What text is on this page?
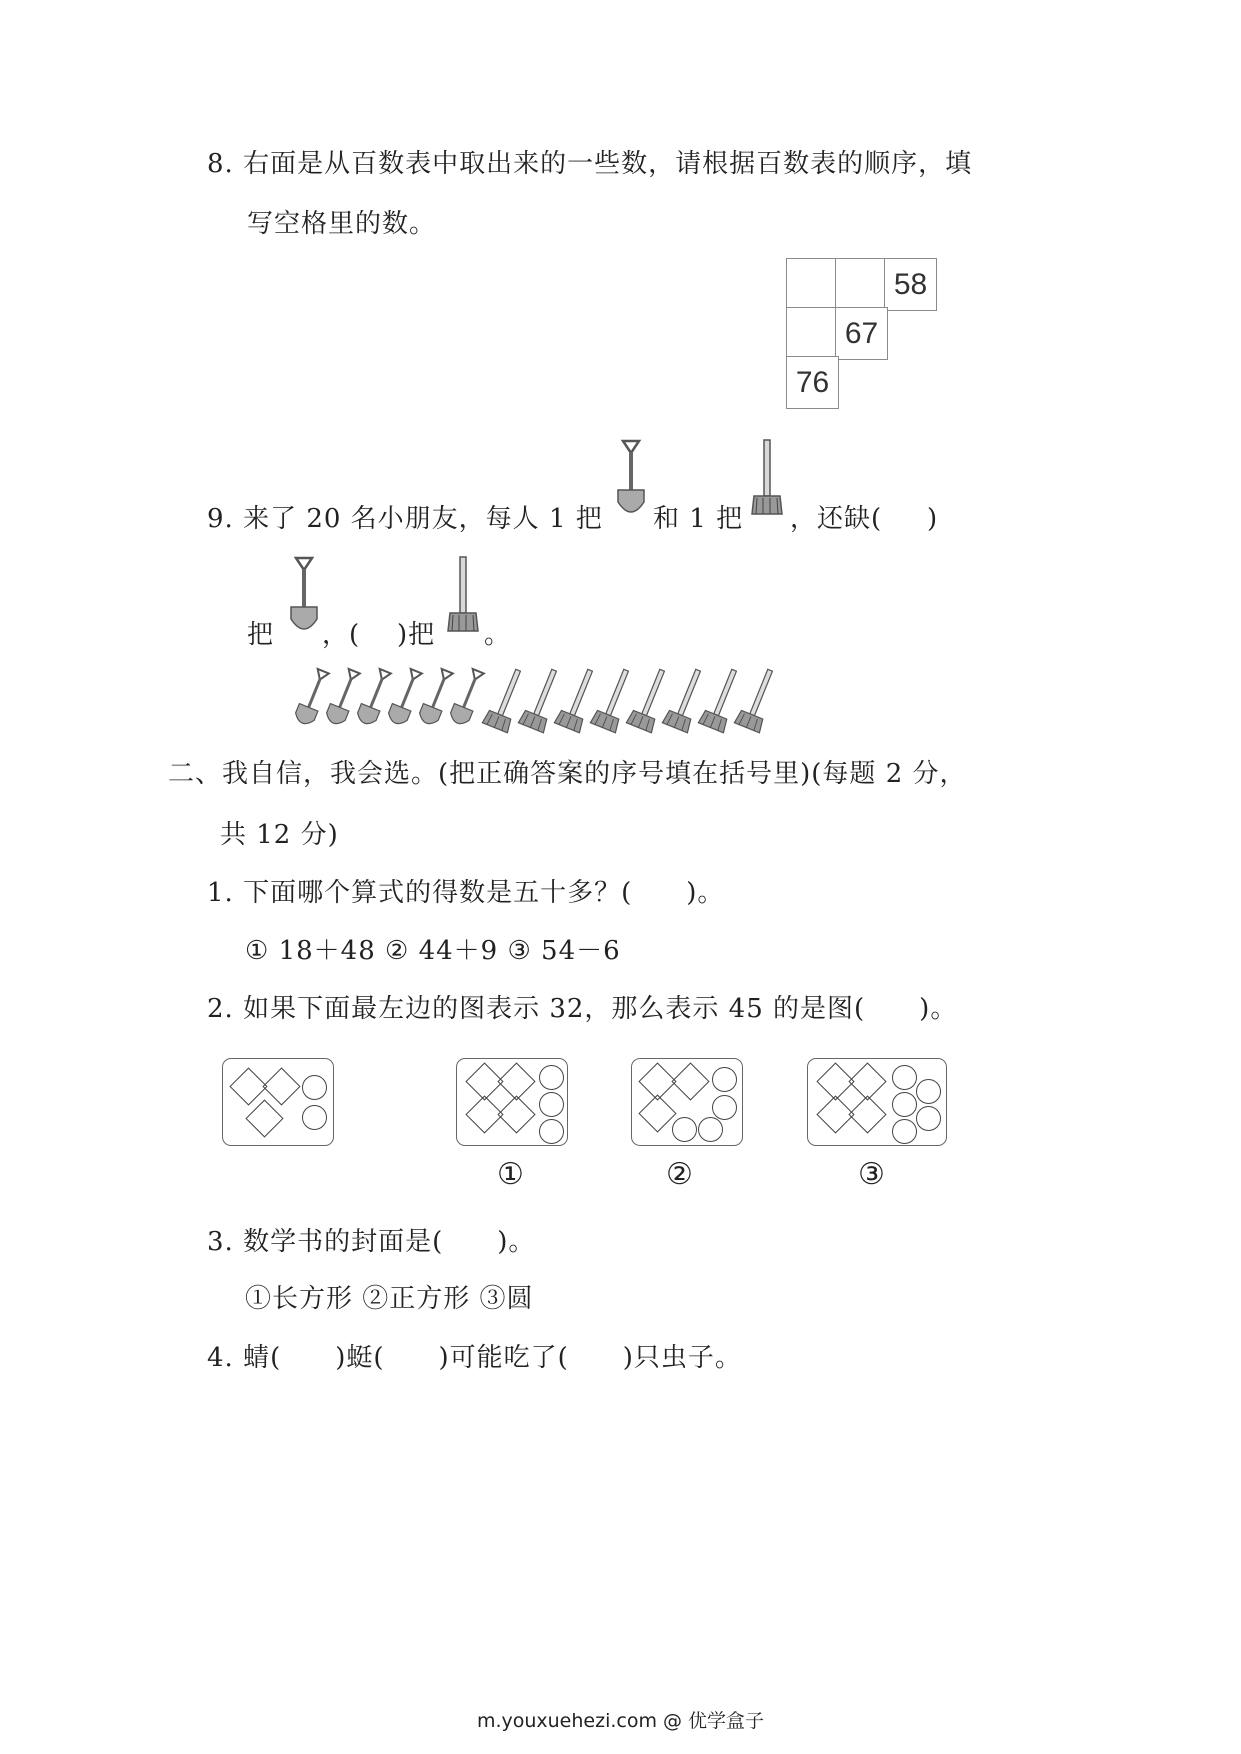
8. 右面是从百数表中取出来的一些数，请根据百数表的顺序，填
写空格里的数。
58
67
76
9. 来了 20 名小朋友，每人 1 把 和 1 把 ，还缺( )
把 ，( )把 。
二、我自信，我会选。(把正确答案的序号填在括号里)(每题 2 分，
共 12 分)
1. 下面哪个算式的得数是五十多？(　　)。
① 18＋48 ② 44＋9 ③ 54－6
2. 如果下面最左边的图表示 32，那么表示 45 的是图(　　)。
①	②	③
3. 数学书的封面是(　　)。
①长方形 ②正方形 ③圆
4. 蜻(　　)蜓(　　)可能吃了(　　)只虫子。
m.youxuehezi.com @ 优学盒子
